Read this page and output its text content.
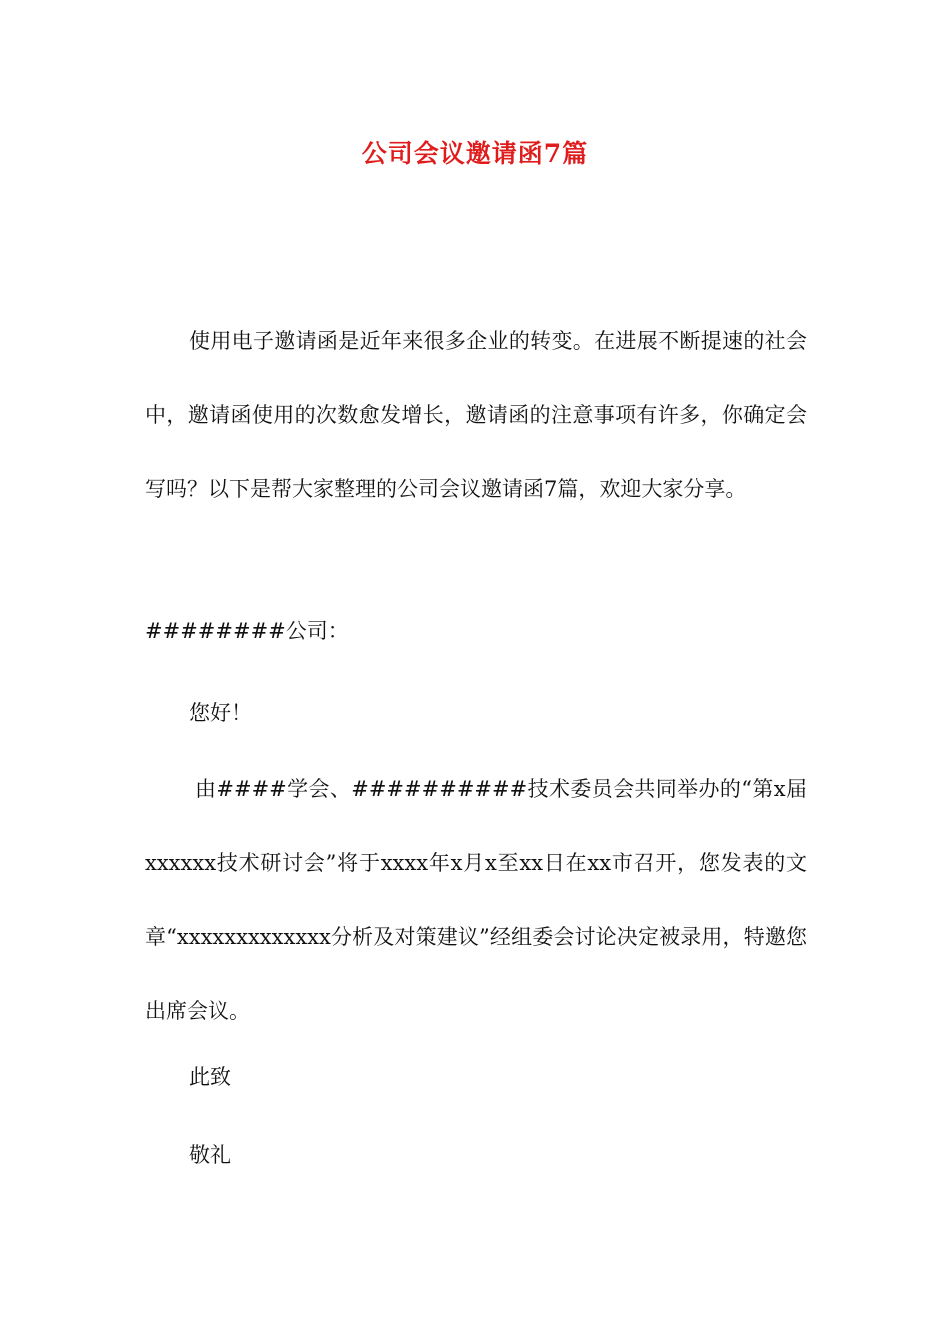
公司会议邀请函7篇

使用电子邀请函是近年来很多企业的转变。在进展不断提速的社会中，邀请函使用的次数愈发增长，邀请函的注意事项有许多，你确定会写吗？以下是帮大家整理的公司会议邀请函7篇，欢迎大家分享。

########公司：

您好！

由####学会、##########技术委员会共同举办的“第x届xxxxxx技术研讨会”将于xxxx年x月x至xx日在xx市召开，您发表的文章“xxxxxxxxxxxxx分析及对策建议”经组委会讨论决定被录用，特邀您出席会议。

此致

敬礼
